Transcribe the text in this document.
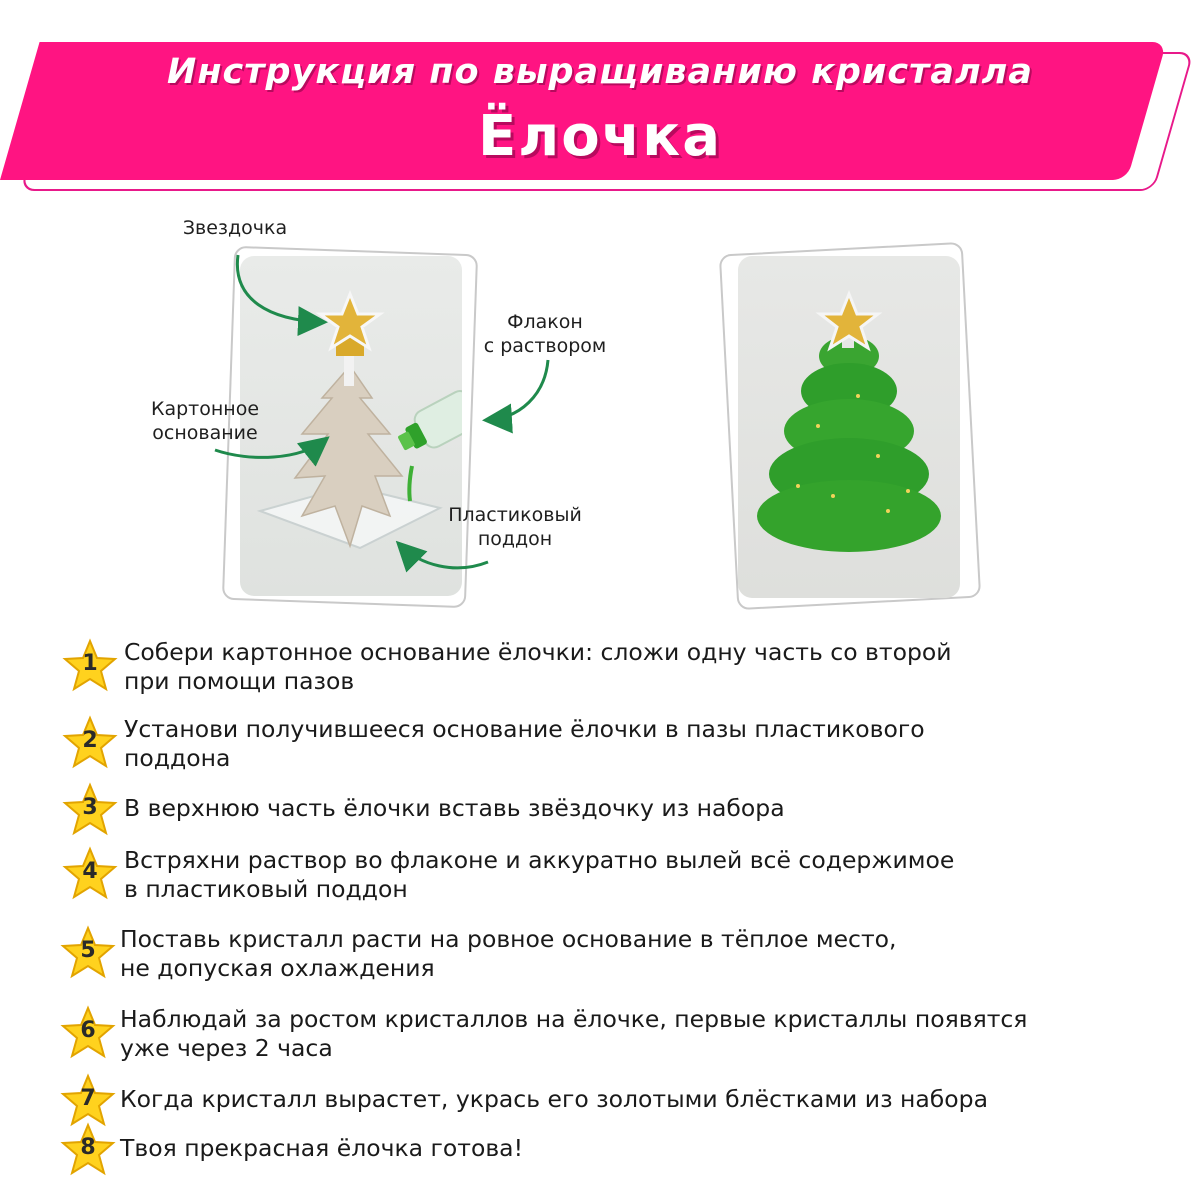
Инструкция по выращиванию кристалла
Ёлочка
Звездочка
Флакон
с раствором
Картонное
основание
Пластиковый
поддон
1	Собери картонное основание ёлочки: сложи одну часть со второй
при помощи пазов
2	Установи получившееся основание ёлочки в пазы пластикового
поддона
3	В верхнюю часть ёлочки вставь звёздочку из набора
4	Встряхни раствор во флаконе и аккуратно вылей всё содержимое
в пластиковый поддон
5	Поставь кристалл расти на ровное основание в тёплое место,
не допуская охлаждения
6	Наблюдай за ростом кристаллов на ёлочке, первые кристаллы появятся
уже через 2 часа
7	Когда кристалл вырастет, укрась его золотыми блёстками из набора
8	Твоя прекрасная ёлочка готова!
